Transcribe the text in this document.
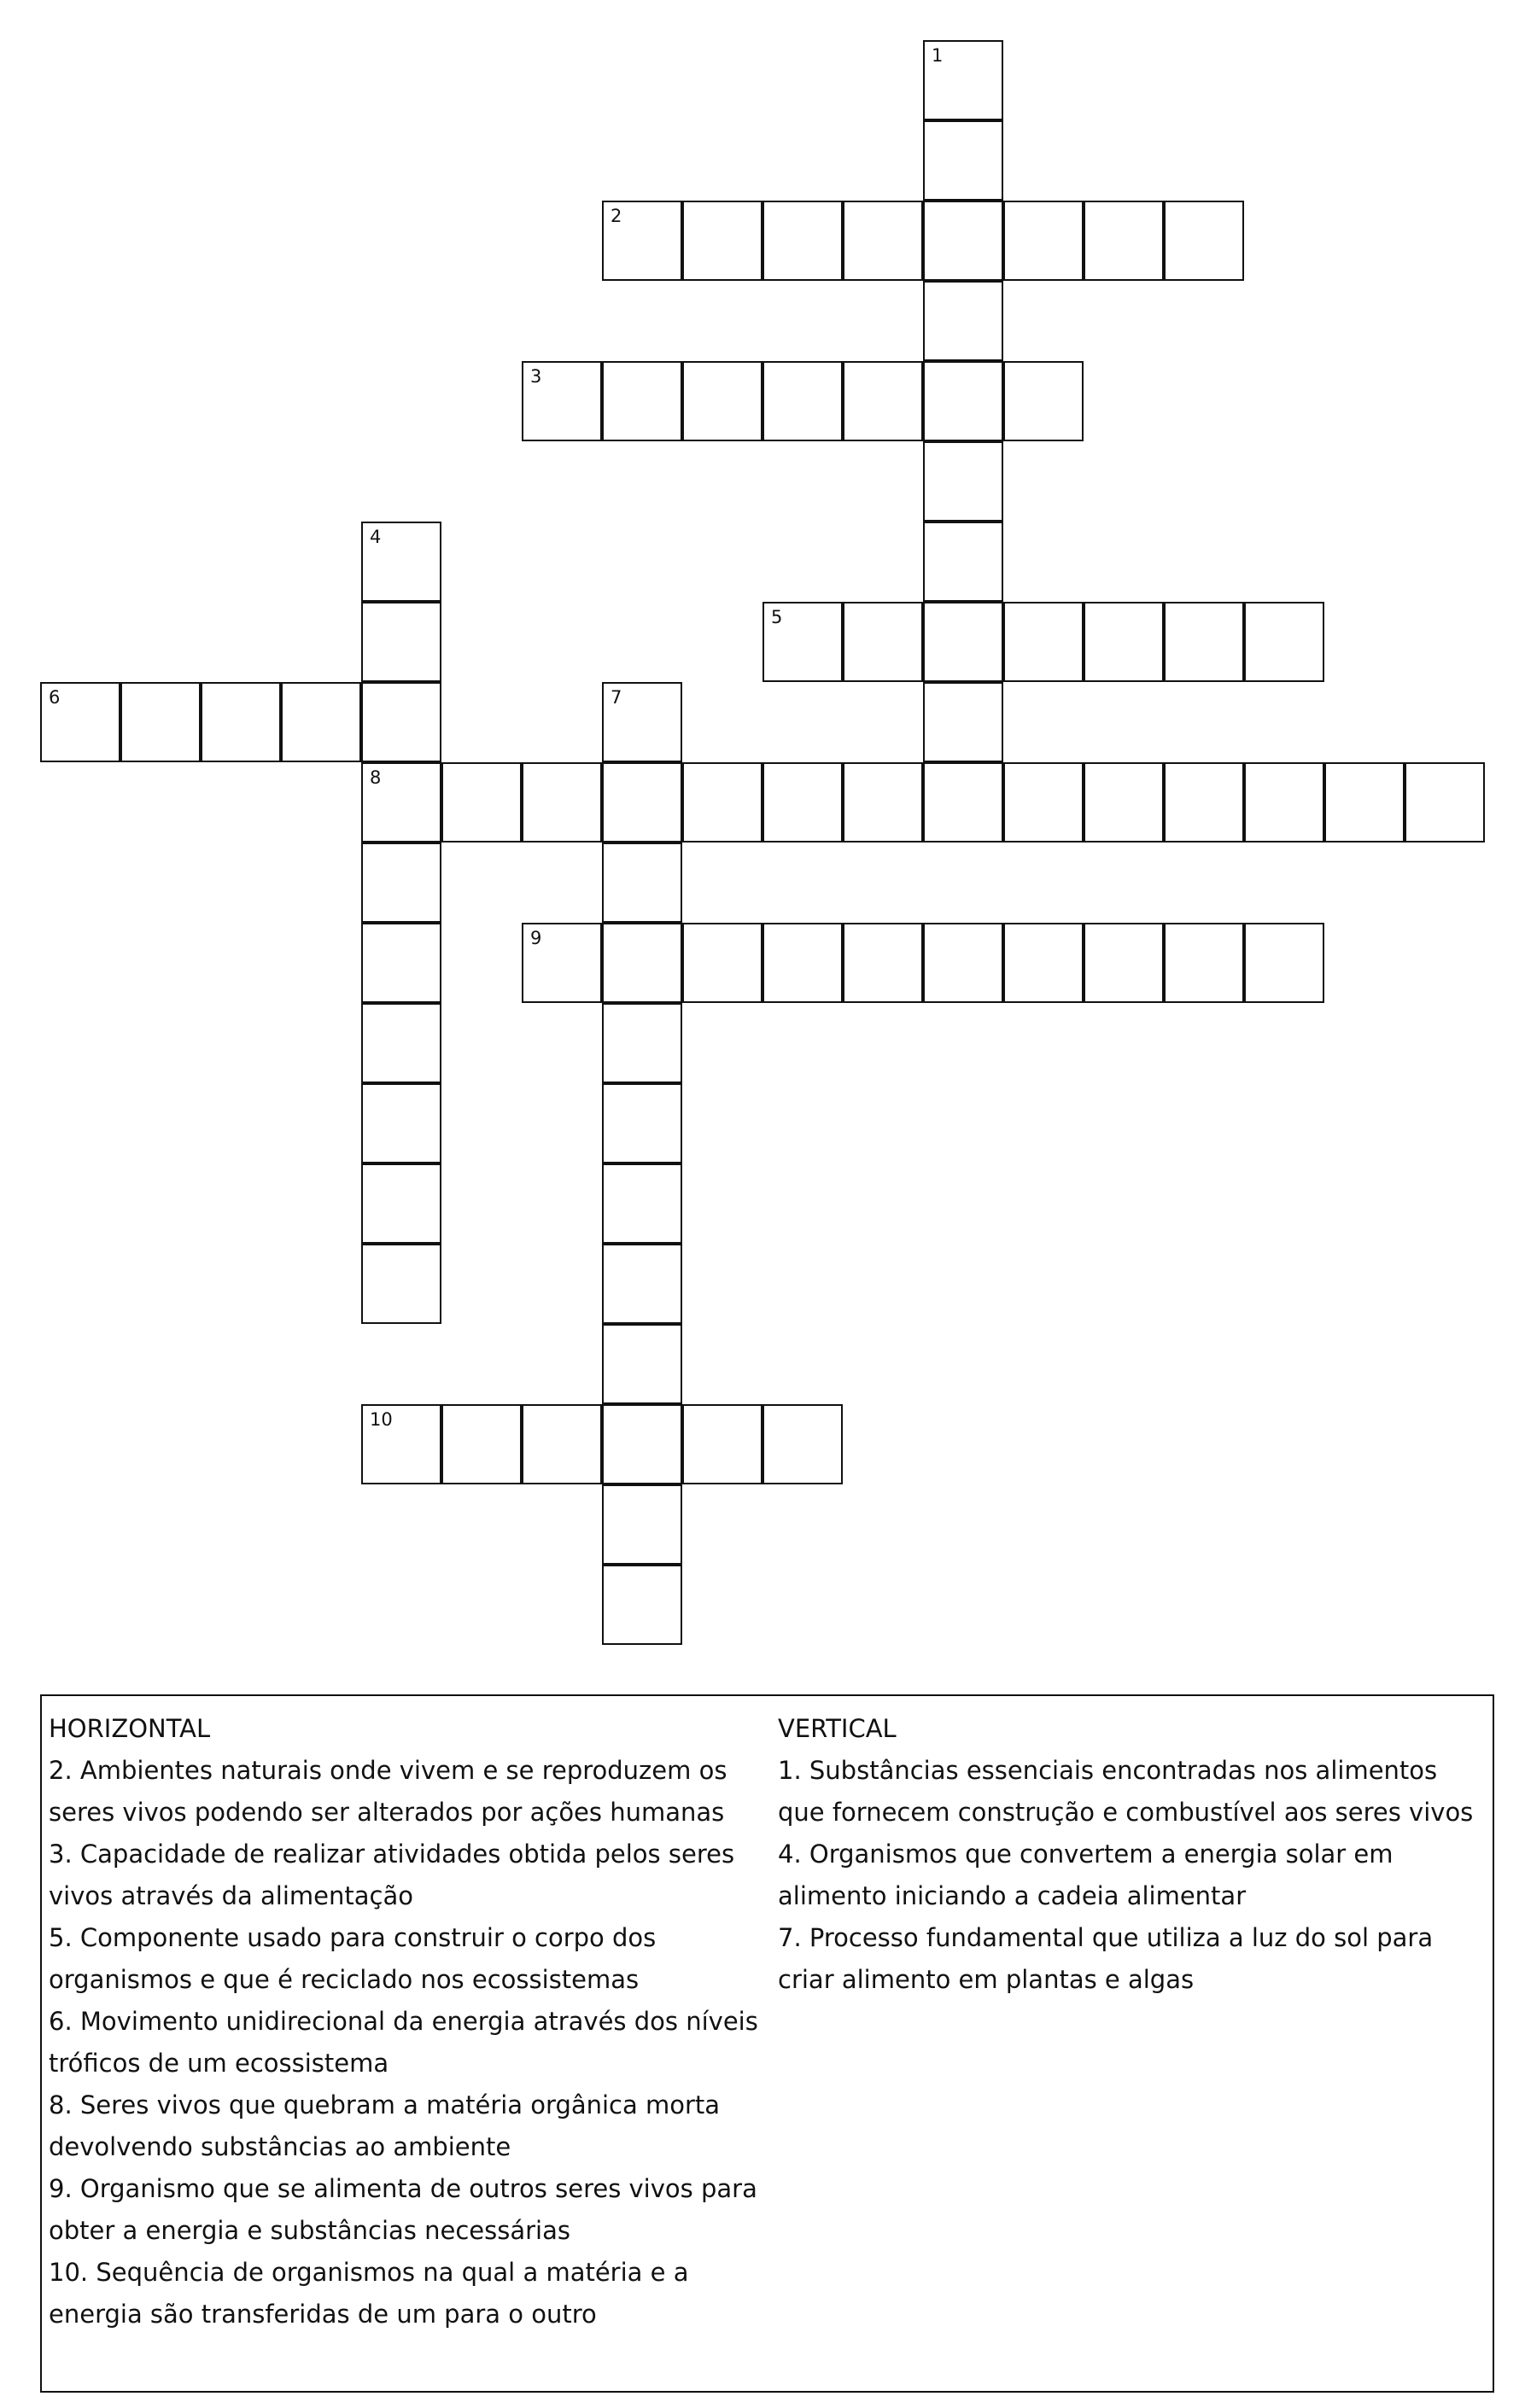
1
2
3
4
8
5
6	7
9
10

HORIZONTAL

2. Ambientes naturais onde vivem e se reproduzem os seres vivos podendo ser alterados por ações humanas

3. Capacidade de realizar atividades obtida pelos seres vivos através da alimentação

5. Componente usado para construir o corpo dos organismos e que é reciclado nos ecossistemas

6. Movimento unidirecional da energia através dos níveis tróficos de um ecossistema

8. Seres vivos que quebram a matéria orgânica morta devolvendo substâncias ao ambiente

9. Organismo que se alimenta de outros seres vivos para obter a energia e substâncias necessárias

10. Sequência de organismos na qual a matéria e a energia são transferidas de um para o outro

VERTICAL

1. Substâncias essenciais encontradas nos alimentos que fornecem construção e combustível aos seres vivos

4. Organismos que convertem a energia solar em alimento iniciando a cadeia alimentar

7. Processo fundamental que utiliza a luz do sol para criar alimento em plantas e algas
